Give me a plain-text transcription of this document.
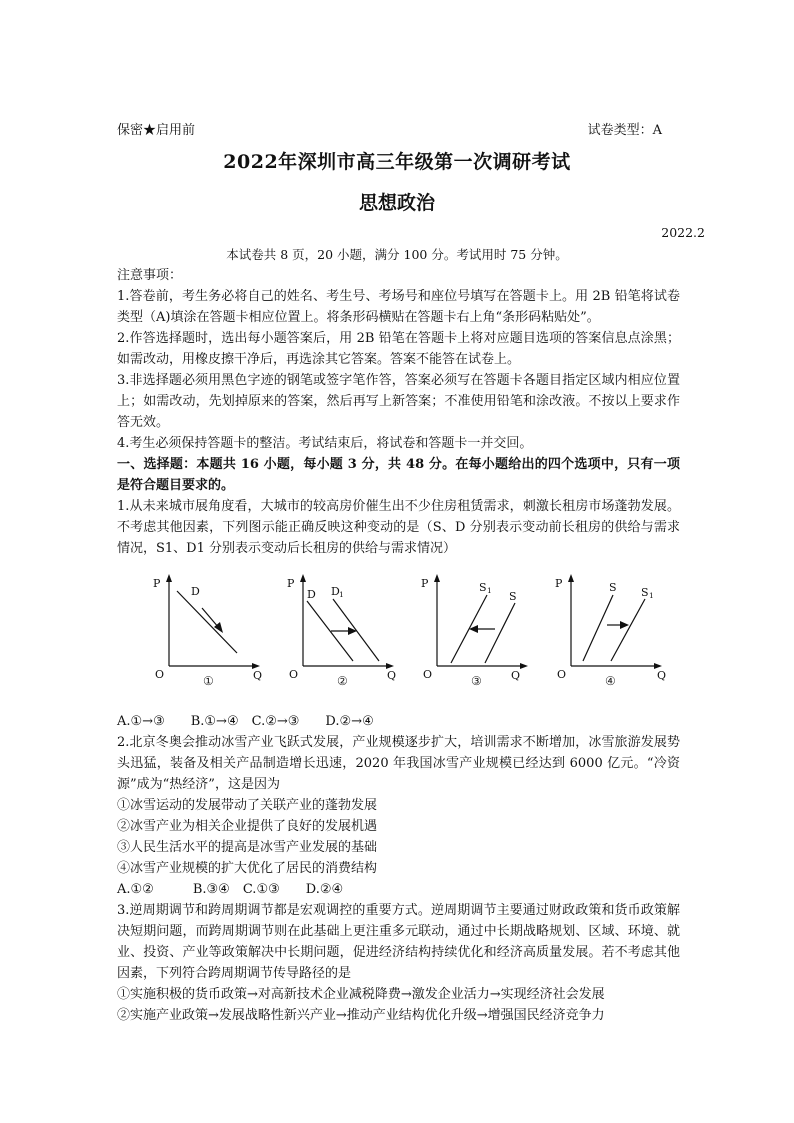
保密★启用前	试卷类型：A
2022年深圳市高三年级第一次调研考试
思想政治
2022.2
本试卷共 8 页，20 小题，满分 100 分。考试用时 75 分钟。

注意事项：

1.答卷前，考生务必将自己的姓名、考生号、考场号和座位号填写在答题卡上。用 2B 铅笔将试卷类型（A)填涂在答题卡相应位置上。将条形码横贴在答题卡右上角“条形码粘贴处”。

2.作答选择题时，选出每小题答案后，用 2B 铅笔在答题卡上将对应题目选项的答案信息点涂黑；如需改动，用橡皮擦干净后，再选涂其它答案。答案不能答在试卷上。

3.非选择题必须用黑色字迹的钢笔或签字笔作答，答案必须写在答题卡各题目指定区域内相应位置上；如需改动，先划掉原来的答案，然后再写上新答案；不准使用铅笔和涂改液。不按以上要求作答无效。

4.考生必须保持答题卡的整洁。考试结束后，将试卷和答题卡一并交回。

一、选择题：本题共 16 小题，每小题 3 分，共 48 分。在每小题给出的四个选项中，只有一项是符合题目要求的。

1.从未来城市展角度看，大城市的较高房价催生出不少住房租赁需求，刺激长租房市场蓬勃发展。不考虑其他因素，下列图示能正确反映这种变动的是（S、D 分别表示变动前长租房的供给与需求情况，S1、D1 分别表示变动后长租房的供给与需求情况）

P
O	Q
D
①
P
O	Q
D D 1
②
P
O	Q
S 1 S
③
P
O	Q
S S 1
④

A.①→③　　B.①→④　C.②→③　　D.②→④

2.北京冬奥会推动冰雪产业飞跃式发展，产业规模逐步扩大，培训需求不断增加，冰雪旅游发展势头迅猛，装备及相关产品制造增长迅速，2020 年我国冰雪产业规模已经达到 6000 亿元。“冷资源”成为“热经济”，这是因为

①冰雪运动的发展带动了关联产业的蓬勃发展

②冰雪产业为相关企业提供了良好的发展机遇

③人民生活水平的提高是冰雪产业发展的基础

④冰雪产业规模的扩大优化了居民的消费结构

A.①②　　　B.③④　C.①③　　D.②④

3.逆周期调节和跨周期调节都是宏观调控的重要方式。逆周期调节主要通过财政政策和货币政策解决短期问题，而跨周期调节则在此基础上更注重多元联动，通过中长期战略规划、区域、环境、就业、投资、产业等政策解决中长期问题，促进经济结构持续优化和经济高质量发展。若不考虑其他因素，下列符合跨周期调节传导路径的是

①实施积极的货币政策→对高新技术企业减税降费→激发企业活力→实现经济社会发展

②实施产业政策→发展战略性新兴产业→推动产业结构优化升级→增强国民经济竞争力
